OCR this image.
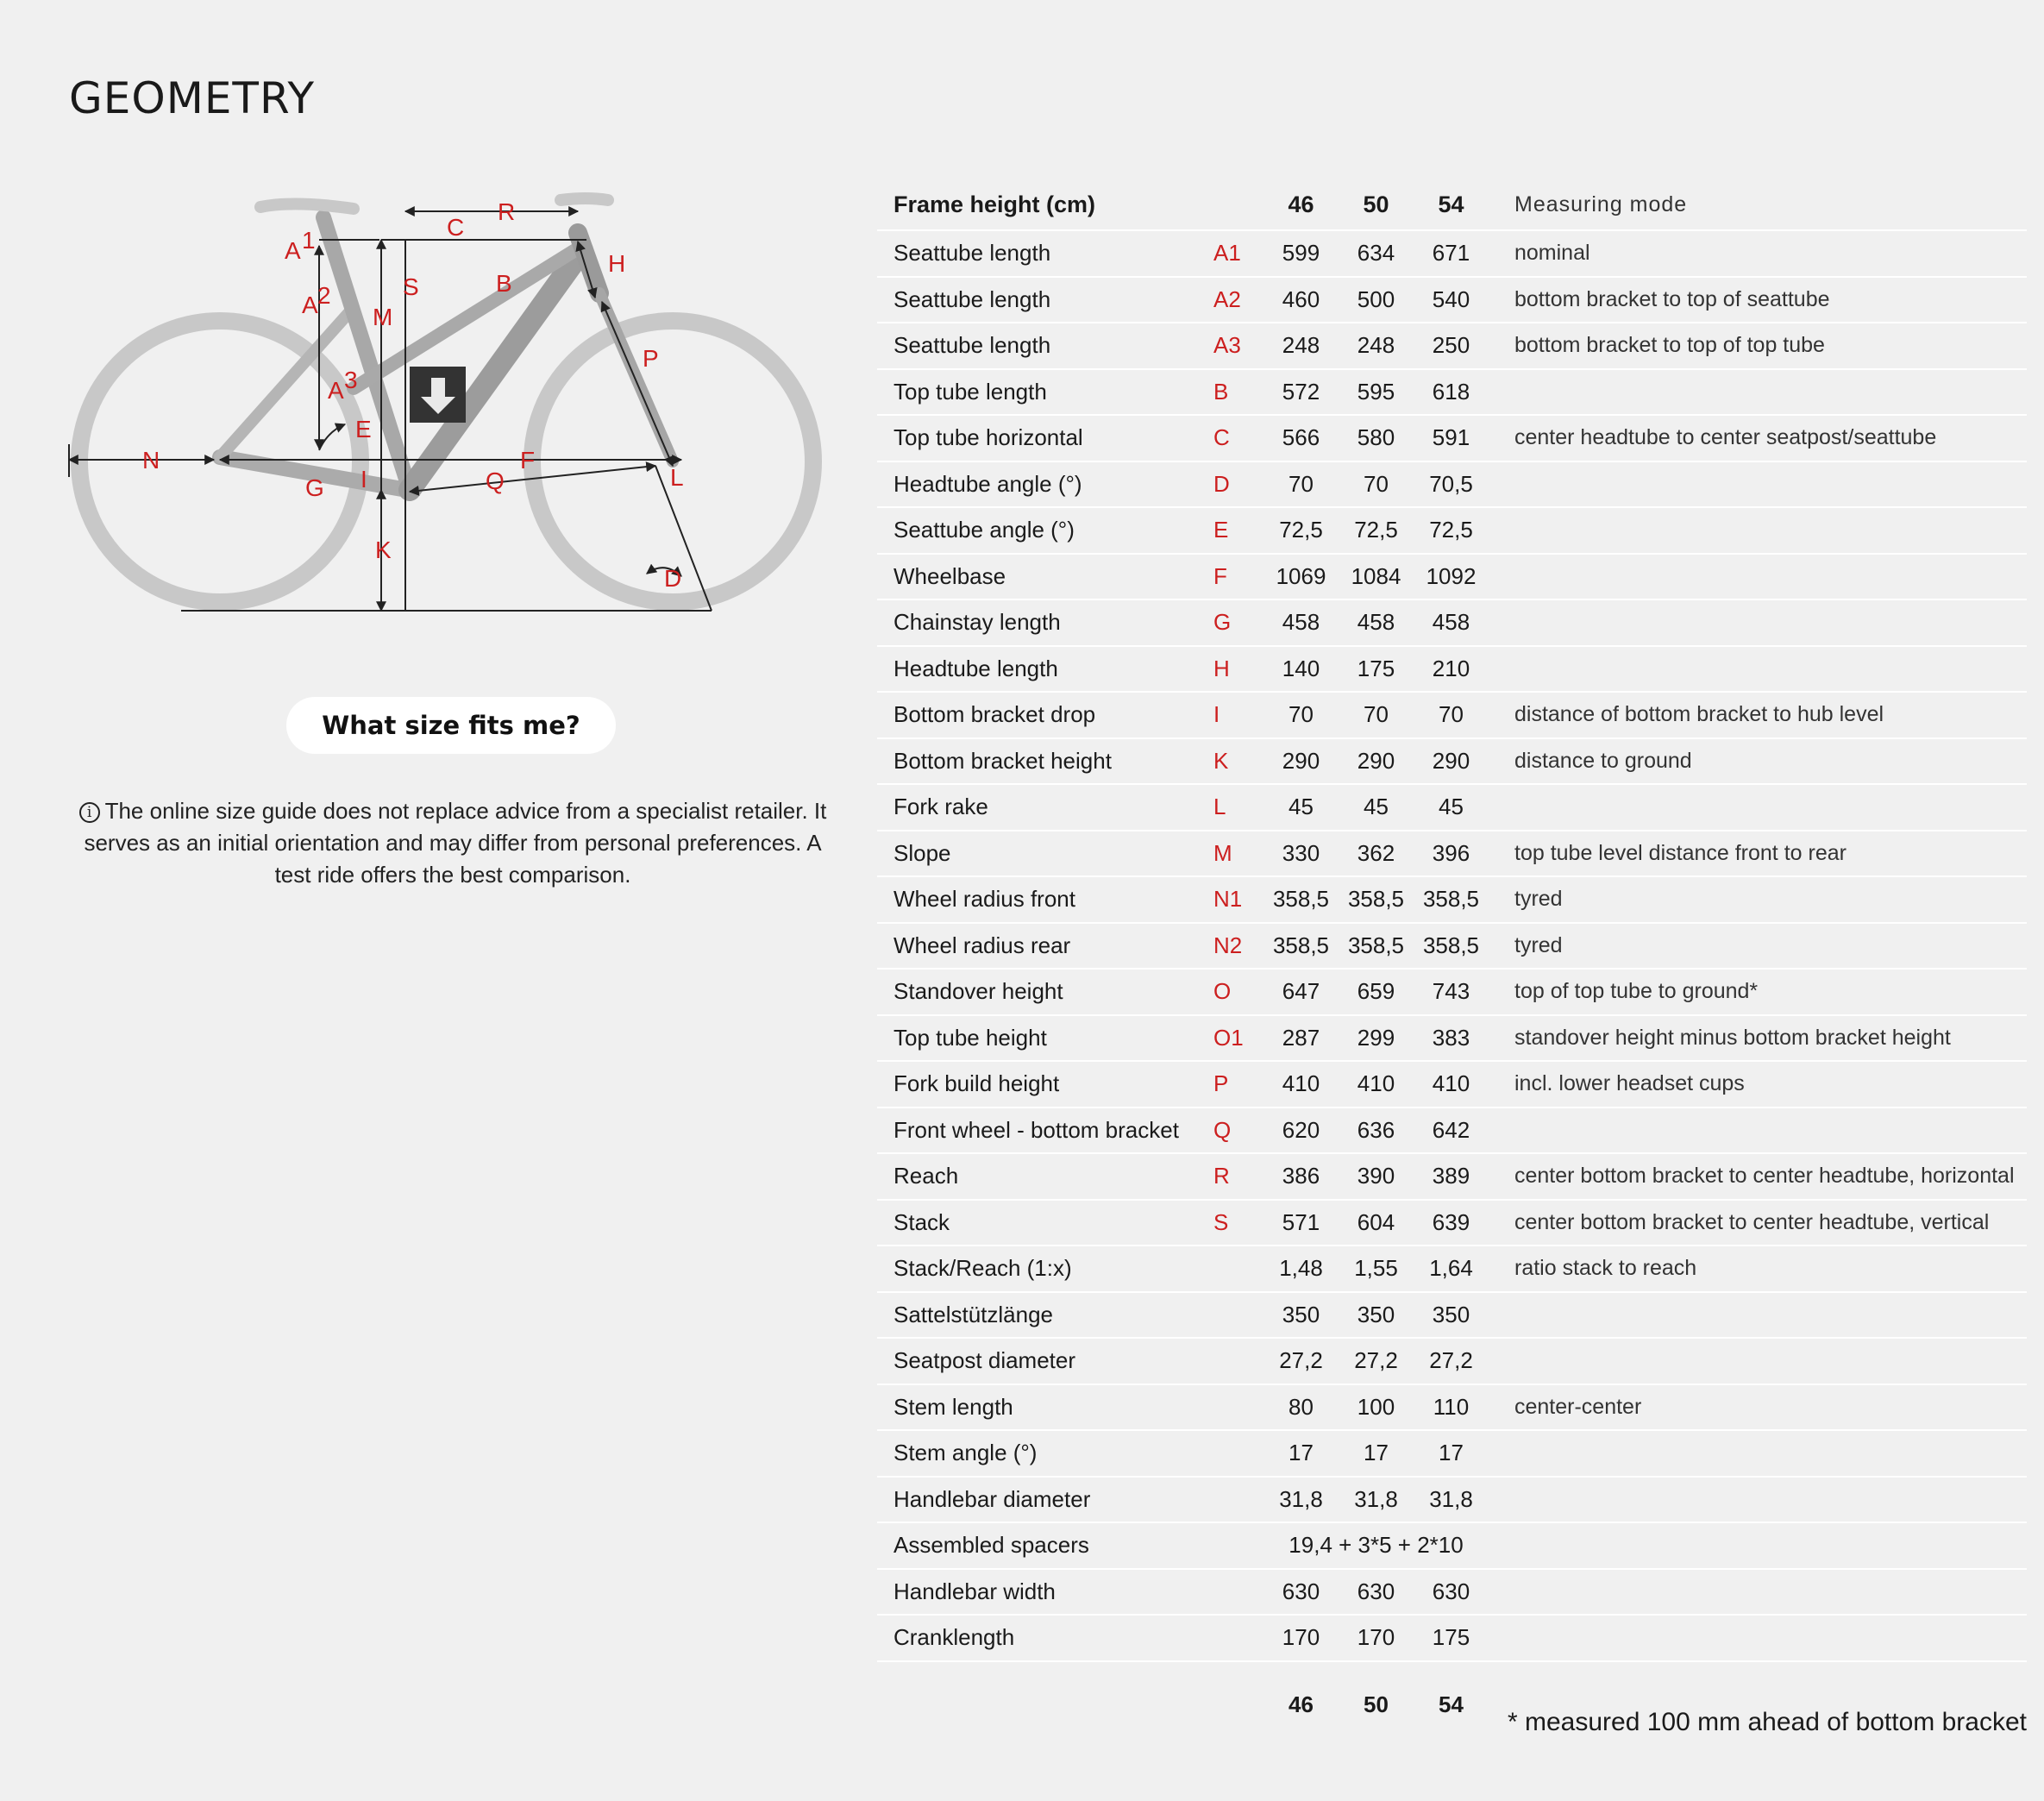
GEOMETRY
A 1
A 2
A 3
C
R
S	B
H
M
P
E
N	F
G I	Q	L
K
D
What size fits me?
i The online size guide does not replace advice from a specialist retailer. It serves as an initial orientation and may differ from personal preferences. A test ride offers the best comparison.
Frame height (cm)		46	50	54	Measuring mode
Seattube length	A1	599	634	671	nominal
Seattube length	A2	460	500	540	bottom bracket to top of seattube
Seattube length	A3	248	248	250	bottom bracket to top of top tube
Top tube length	B	572	595	618	
Top tube horizontal	C	566	580	591	center headtube to center seatpost/seattube
Headtube angle (°)	D	70	70	70,5	
Seattube angle (°)	E	72,5	72,5	72,5	
Wheelbase	F	1069	1084	1092	
Chainstay length	G	458	458	458	
Headtube length	H	140	175	210	
Bottom bracket drop	I	70	70	70	distance of bottom bracket to hub level
Bottom bracket height	K	290	290	290	distance to ground
Fork rake	L	45	45	45	
Slope	M	330	362	396	top tube level distance front to rear
Wheel radius front	N1	358,5	358,5	358,5	tyred
Wheel radius rear	N2	358,5	358,5	358,5	tyred
Standover height	O	647	659	743	top of top tube to ground*
Top tube height	O1	287	299	383	standover height minus bottom bracket height
Fork build height	P	410	410	410	incl. lower headset cups
Front wheel - bottom bracket	Q	620	636	642	
Reach	R	386	390	389	center bottom bracket to center headtube, horizontal
Stack	S	571	604	639	center bottom bracket to center headtube, vertical
Stack/Reach (1:x)		1,48	1,55	1,64	ratio stack to reach
Sattelstützlänge		350	350	350	
Seatpost diameter		27,2	27,2	27,2	
Stem length		80	100	110	center-center
Stem angle (°)		17	17	17	
Handlebar diameter		31,8	31,8	31,8	
Assembled spacers		19,4 + 3*5 + 2*10			
Handlebar width		630	630	630	
Cranklength		170	170	175	
		46	50	54	
* measured 100 mm ahead of bottom bracket
